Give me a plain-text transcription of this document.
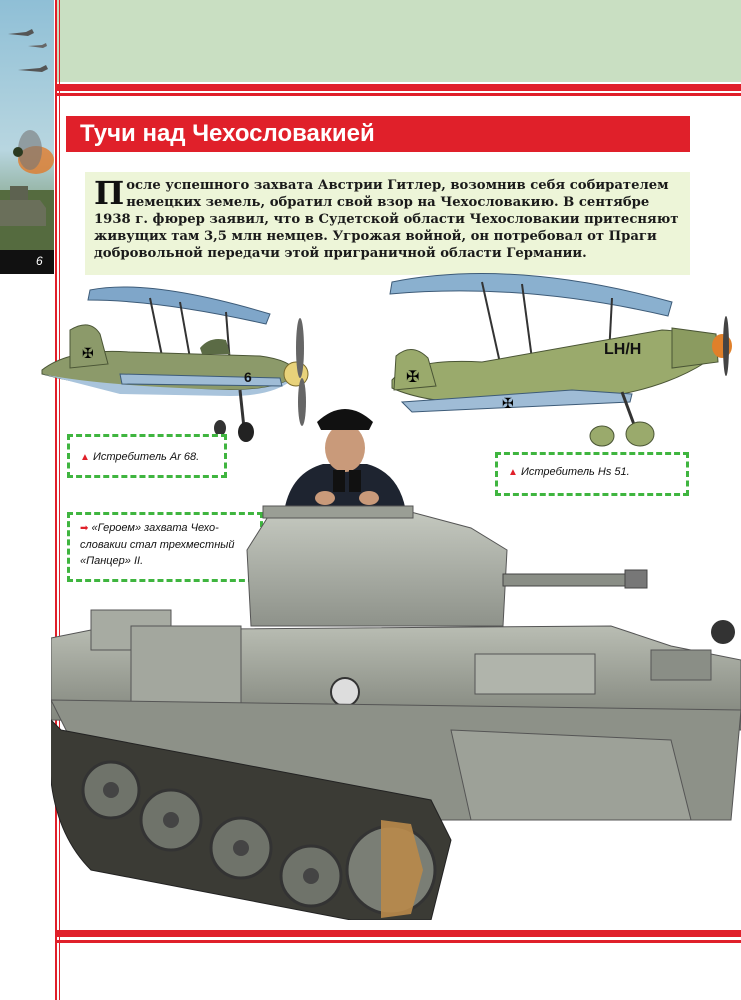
6
Тучи над Чехословакией

После успешного захвата Австрии Гитлер, возомнив себя собирателем немецких земель, обратил свой взор на Чехословакию. В сентябре 1938 г. фюрер заявил, что в Судетской области Чехословакии притесняют живущих там 3,5 млн немцев. Угрожая войной, он потребовал от Праги добровольной передачи этой приграничной области Германии.

✠
6	✠
✠
LH/H
▲ Истребитель Ar 68.
▲ Истребитель Hs 51.
➡ «Героем» захвата Чехо-
словакии стал трехместный
«Панцер» II.
